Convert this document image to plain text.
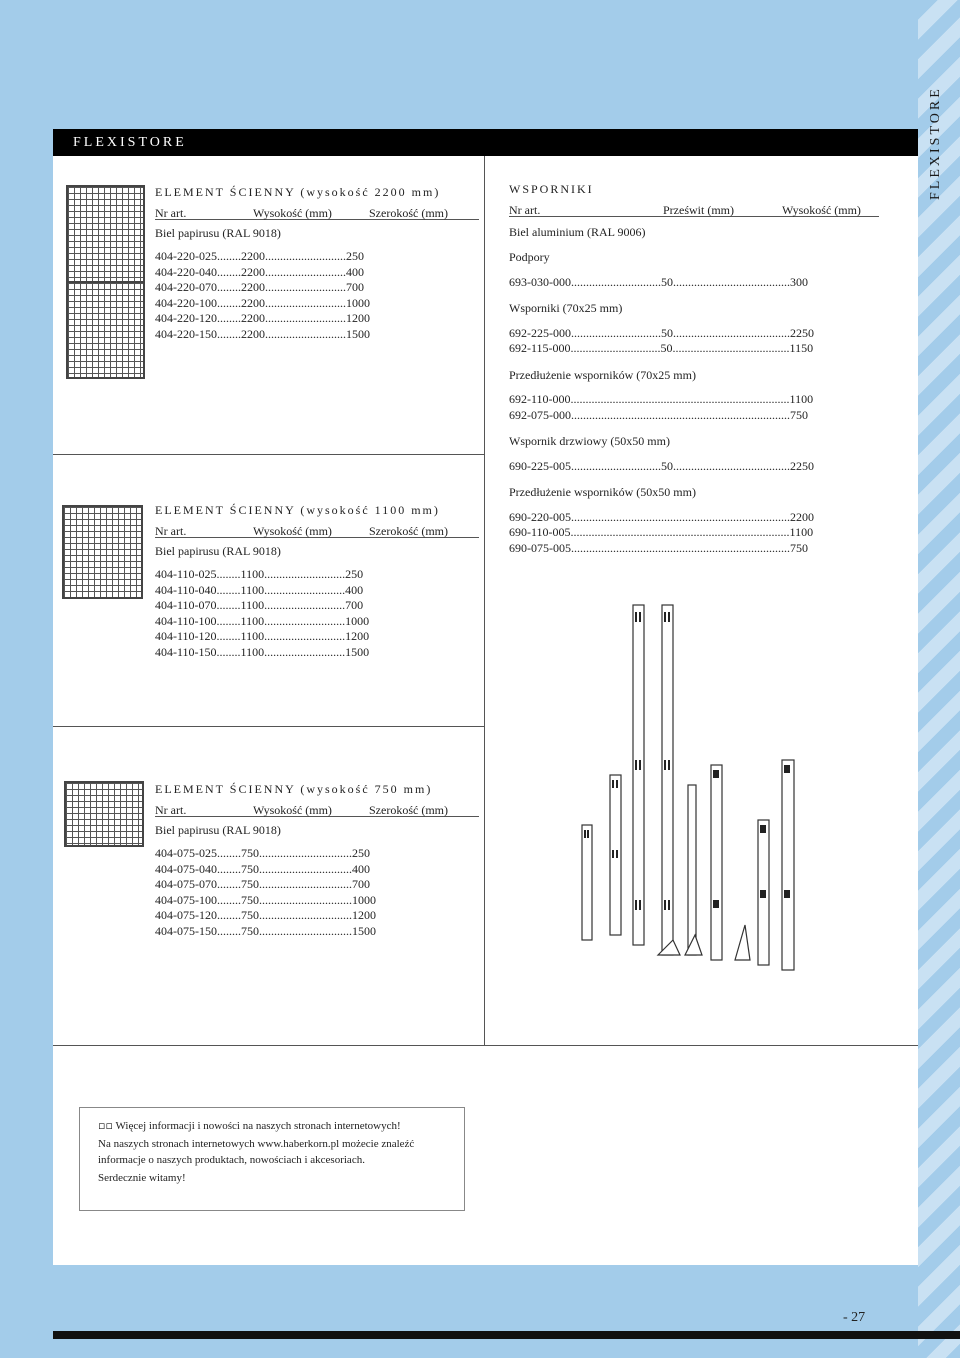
FLEXISTORE
ELEMENT ŚCIENNY (wysokość 2200 mm)
Nr art.	Wysokość (mm)	Szerokość (mm)
Biel papirusu (RAL 9018)
404-220-025........2200...........................250
404-220-040........2200...........................400
404-220-070........2200...........................700
404-220-100........2200...........................1000
404-220-120........2200...........................1200
404-220-150........2200...........................1500
ELEMENT ŚCIENNY (wysokość 1100 mm)
Nr art.	Wysokość (mm)	Szerokość (mm)
Biel papirusu (RAL 9018)
404-110-025........1100...........................250
404-110-040........1100...........................400
404-110-070........1100...........................700
404-110-100........1100...........................1000
404-110-120........1100...........................1200
404-110-150........1100...........................1500
ELEMENT ŚCIENNY (wysokość 750 mm)
Nr art.	Wysokość (mm)	Szerokość (mm)
Biel papirusu (RAL 9018)
404-075-025........750...............................250
404-075-040........750...............................400
404-075-070........750...............................700
404-075-100........750...............................1000
404-075-120........750...............................1200
404-075-150........750...............................1500
WSPORNIKI
Nr art.	Prześwit (mm)	Wysokość (mm)
Biel aluminium (RAL 9006)
Podpory
693-030-000..............................50.......................................300
Wsporniki (70x25 mm)
692-225-000..............................50.......................................2250
692-115-000..............................50.......................................1150
Przedłużenie wsporników (70x25 mm)
692-110-000.........................................................................1100
692-075-000.........................................................................750
Wspornik drzwiowy (50x50 mm)
690-225-005..............................50.......................................2250
Przedłużenie wsporników (50x50 mm)
690-220-005.........................................................................2200
690-110-005.........................................................................1100
690-075-005.........................................................................750
▫▫ Więcej informacji i nowości na naszych stronach internetowych!
Na naszych stronach internetowych www.haberkorn.pl możecie znaleźć
informacje o naszych produktach, nowościach i akcesoriach.
Serdecznie witamy!
- 27
